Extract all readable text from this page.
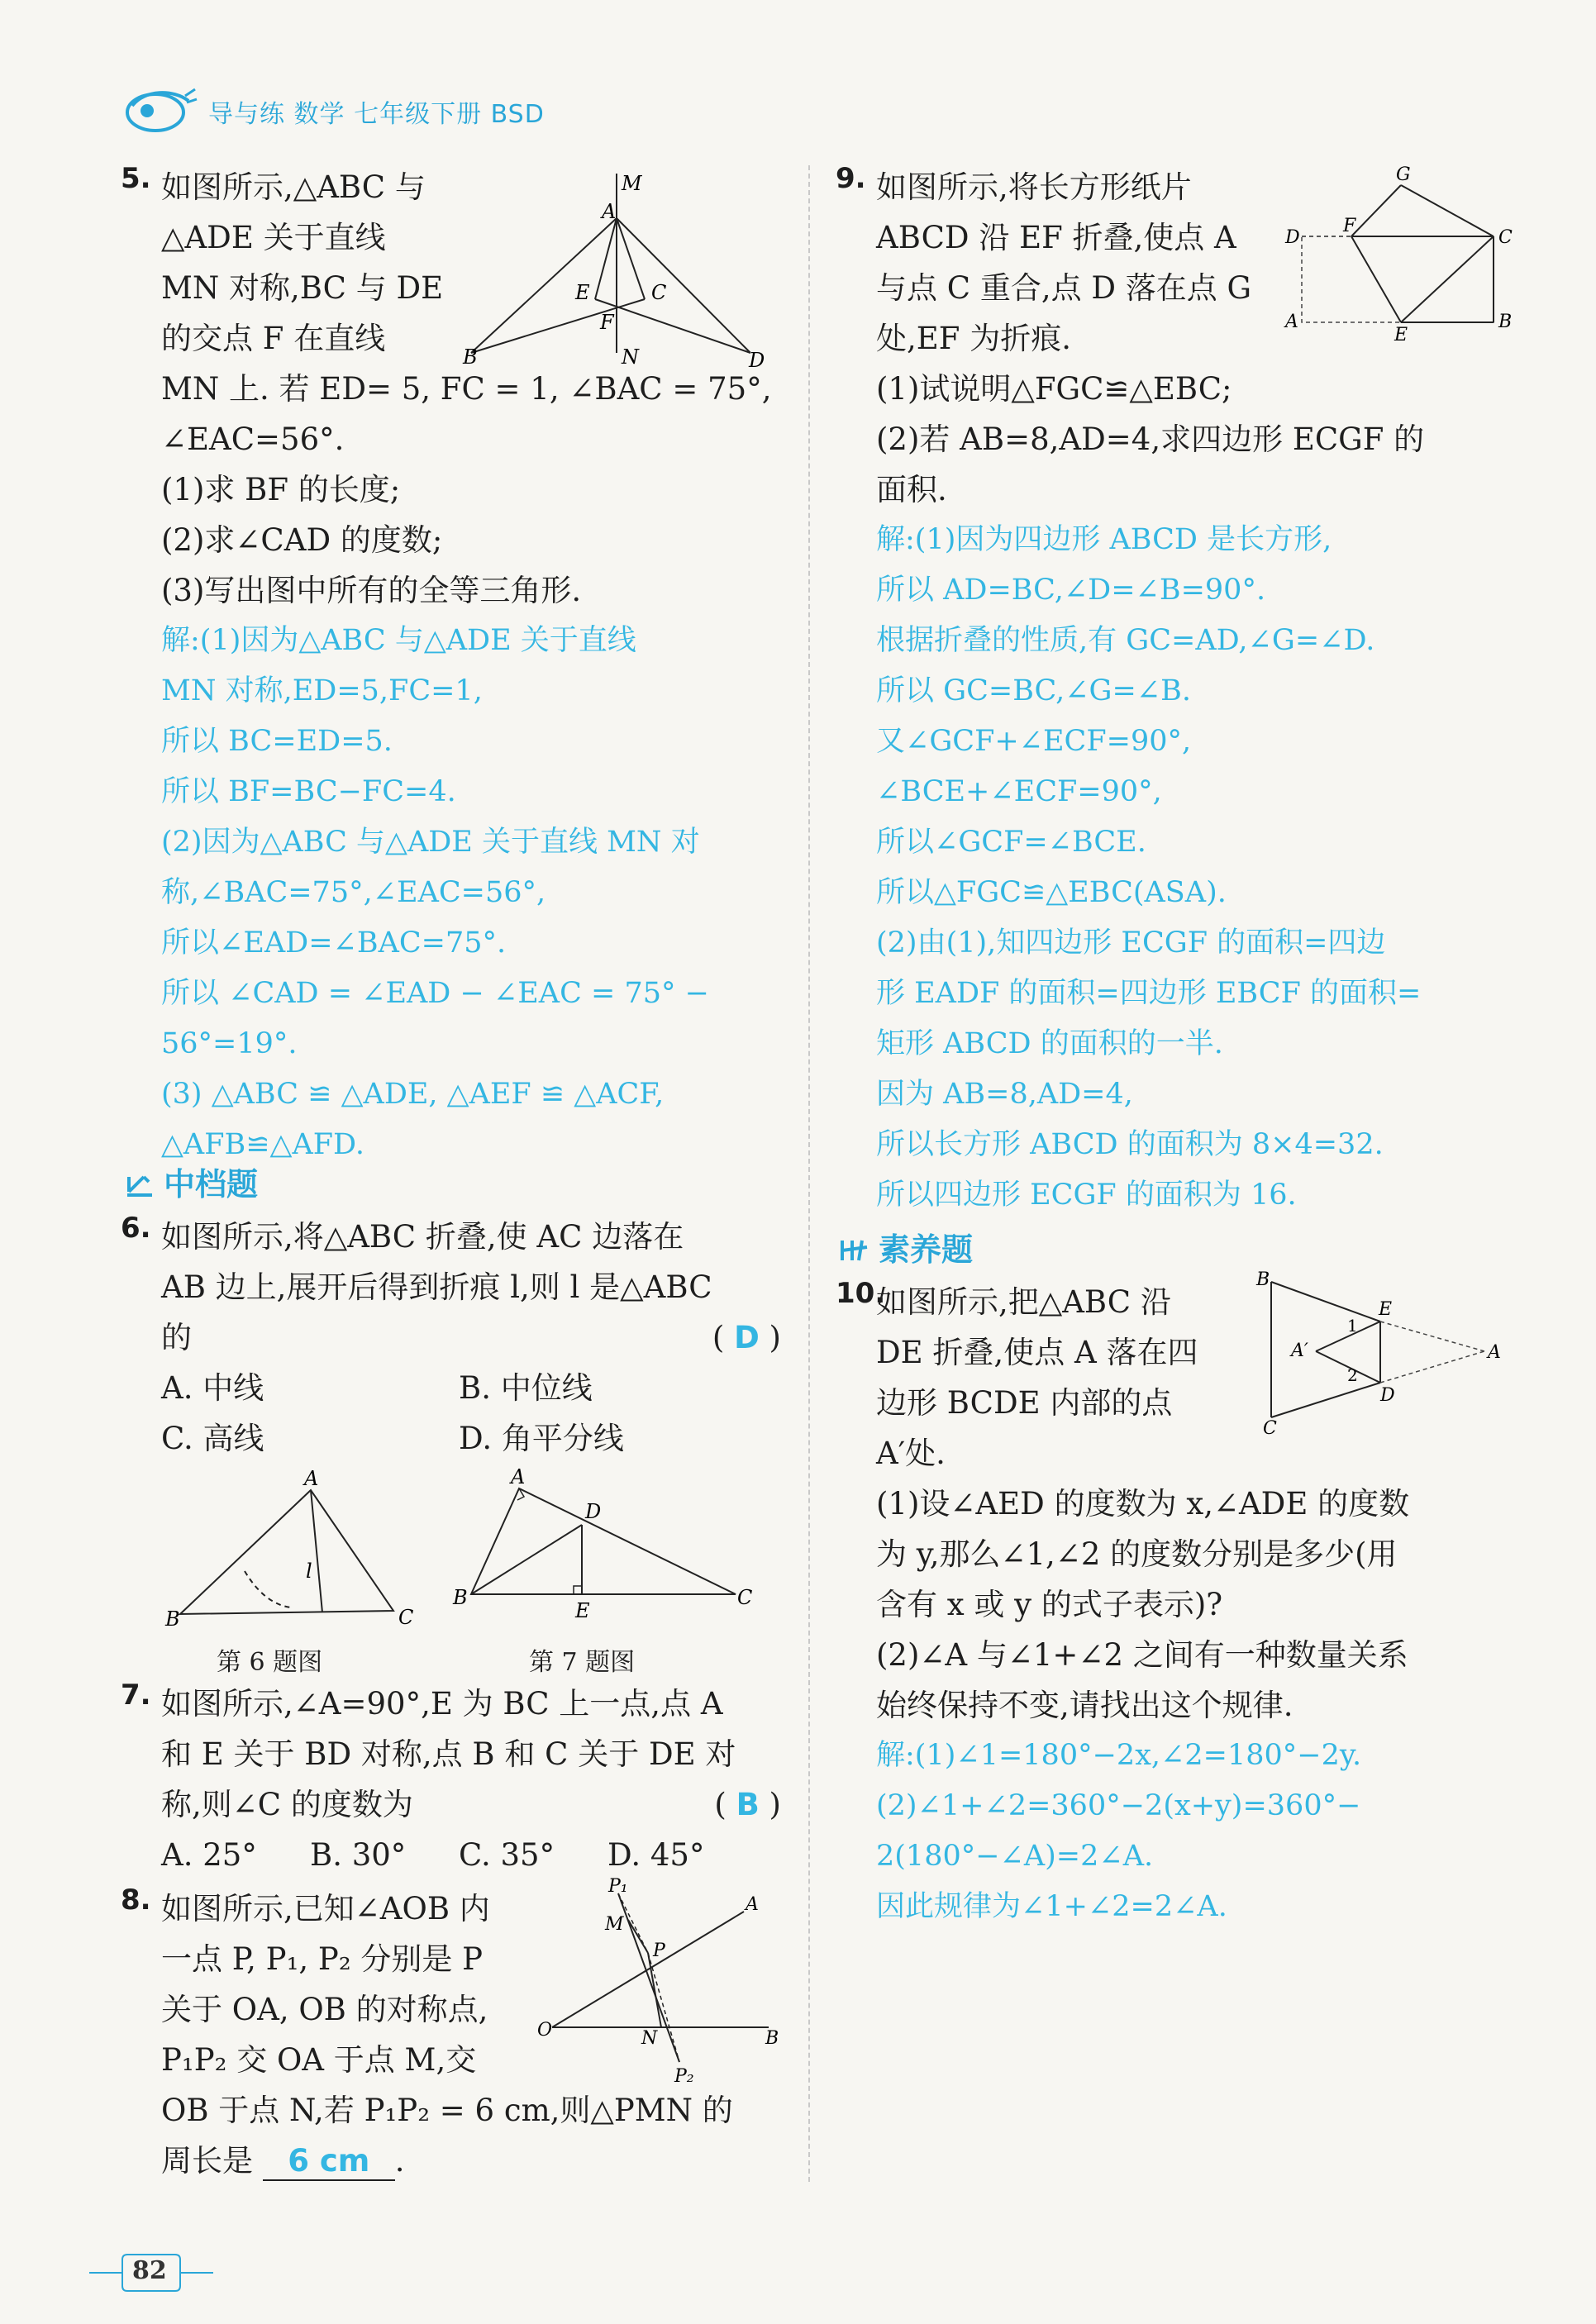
导与练 数学 七年级下册 BSD
5. 如图所示,△ABC 与
△ADE 关于直线
MN 对称,BC 与 DE
的交点 F 在直线
MN 上. 若 ED= 5, FC = 1, ∠BAC = 75°,
∠EAC=56°.
(1)求 BF 的长度;
(2)求∠CAD 的度数;
(3)写出图中所有的全等三角形.
解:(1)因为△ABC 与△ADE 关于直线
MN 对称,ED=5,FC=1,
所以 BC=ED=5.
所以 BF=BC−FC=4.
(2)因为△ABC 与△ADE 关于直线 MN 对
称,∠BAC=75°,∠EAC=56°,
所以∠EAD=∠BAC=75°.
所以 ∠CAD = ∠EAD − ∠EAC = 75° −
56°=19°.
(3) △ABC ≌ △ADE, △AEF ≌ △ACF,
△AFB≌△AFD.
M
A
E	C
F
B	N	D
中档题
6. 如图所示,将△ABC 折叠,使 AC 边落在
AB 边上,展开后得到折痕 l,则 l 是△ABC
的	( D )
A. 中线	B. 中位线
C. 高线	D. 角平分线
A
B	C
l
第 6 题图
A
B	C
D
E
第 7 题图
7. 如图所示,∠A=90°,E 为 BC 上一点,点 A
和 E 关于 BD 对称,点 B 和 C 关于 DE 对
称,则∠C 的度数为	( B )
A. 25°	B. 30°	C. 35°	D. 45°
8. 如图所示,已知∠AOB 内
一点 P, P₁, P₂ 分别是 P
关于 OA, OB 的对称点,
P₁P₂ 交 OA 于点 M,交
OB 于点 N,若 P₁P₂ = 6 cm,则△PMN 的
周长是 6 cm .
P₁
A
M
P
O	N	B
P₂
9. 如图所示,将长方形纸片
ABCD 沿 EF 折叠,使点 A
与点 C 重合,点 D 落在点 G
处,EF 为折痕.
(1)试说明△FGC≌△EBC;
(2)若 AB=8,AD=4,求四边形 ECGF 的
面积.
解:(1)因为四边形 ABCD 是长方形,
所以 AD=BC,∠D=∠B=90°.
根据折叠的性质,有 GC=AD,∠G=∠D.
所以 GC=BC,∠G=∠B.
又∠GCF+∠ECF=90°,
∠BCE+∠ECF=90°,
所以∠GCF=∠BCE.
所以△FGC≌△EBC(ASA).
(2)由(1),知四边形 ECGF 的面积=四边
形 EADF 的面积=四边形 EBCF 的面积=
矩形 ABCD 的面积的一半.
因为 AB=8,AD=4,
所以长方形 ABCD 的面积为 8×4=32.
所以四边形 ECGF 的面积为 16.
G
D
F
C
A
E
B
素养题
10.
如图所示,把△ABC 沿
DE 折叠,使点 A 落在四
边形 BCDE 内部的点
A′处.
(1)设∠AED 的度数为 x,∠ADE 的度数
为 y,那么∠1,∠2 的度数分别是多少(用
含有 x 或 y 的式子表示)?
(2)∠A 与∠1+∠2 之间有一种数量关系
始终保持不变,请找出这个规律.
解:(1)∠1=180°−2x,∠2=180°−2y.
(2)∠1+∠2=360°−2(x+y)=360°−
2(180°−∠A)=2∠A.
因此规律为∠1+∠2=2∠A.
B
E
1
A′	A
2
D
C
82
